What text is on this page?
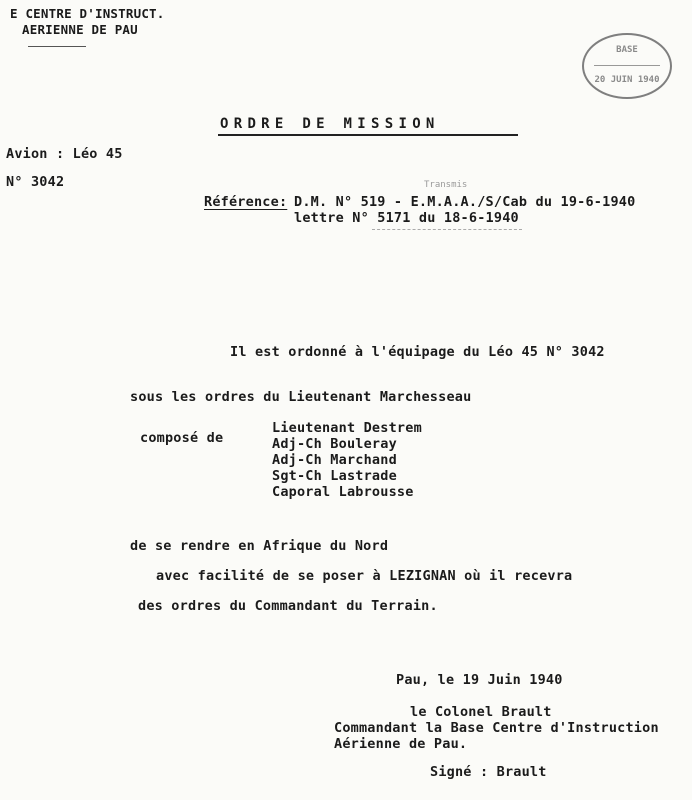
E CENTRE D'INSTRUCT.
AERIENNE DE PAU
BASE
20 JUIN 1940
ORDRE DE MISSION
Avion : Léo 45
N° 3042	Transmis
Référence: D.M. N° 519 - E.M.A.A./S/Cab du 19-6-1940
lettre N° 5171 du 18-6-1940
Il est ordonné à l'équipage du Léo 45 N° 3042
sous les ordres du Lieutenant Marchesseau
composé de
Lieutenant Destrem
Adj-Ch Bouleray
Adj-Ch Marchand
Sgt-Ch Lastrade
Caporal Labrousse
de se rendre en Afrique du Nord
avec facilité de se poser à LEZIGNAN où il recevra
des ordres du Commandant du Terrain.
Pau, le 19 Juin 1940
le Colonel Brault
Commandant la Base Centre d'Instruction
Aérienne de Pau.
Signé : Brault
